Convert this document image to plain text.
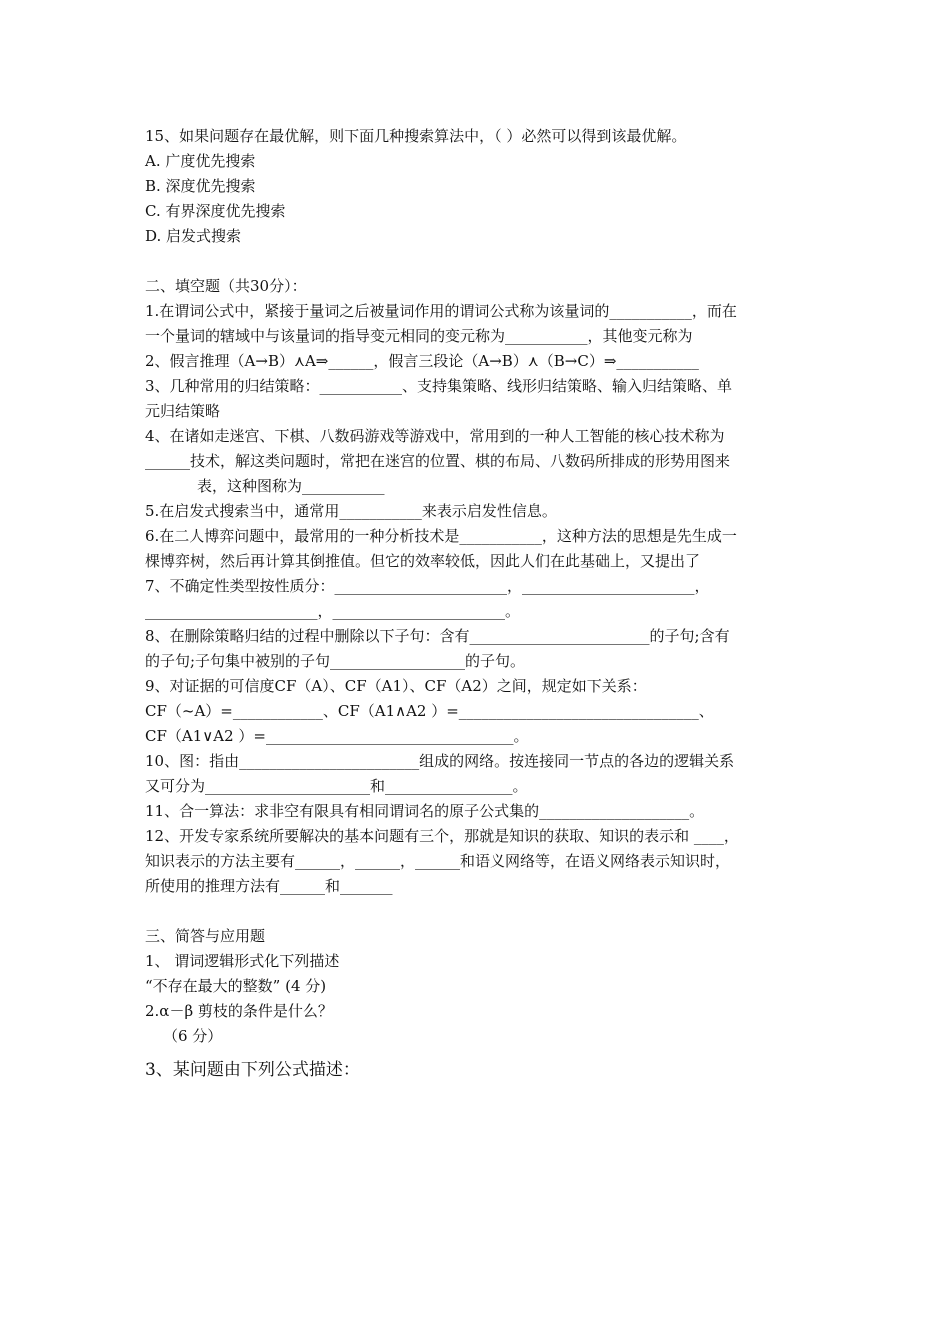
15、如果问题存在最优解，则下面几种搜索算法中，（ ）必然可以得到该最优解。
A. 广度优先搜索
B. 深度优先搜索
C. 有界深度优先搜索
D. 启发式搜索
二、填空题（共30分）：
1.在谓词公式中，紧接于量词之后被量词作用的谓词公式称为该量词的___________，而在
一个量词的辖域中与该量词的指导变元相同的变元称为___________，其他变元称为
2、假言推理（A→B）⋏A⇒______，假言三段论（A→B）⋏（B→C）⇒___________
3、几种常用的归结策略：___________、支持集策略、线形归结策略、输入归结策略、单
元归结策略
4、在诸如走迷宫、下棋、八数码游戏等游戏中，常用到的一种人工智能的核心技术称为
______技术，解这类问题时，常把在迷宫的位置、棋的布局、八数码所排成的形势用图来
表，这种图称为___________
5.在启发式搜索当中，通常用___________来表示启发性信息。
6.在二人博弈问题中，最常用的一种分析技术是___________，这种方法的思想是先生成一
棵博弈树，然后再计算其倒推值。但它的效率较低，因此人们在此基础上，又提出了
7、不确定性类型按性质分：_______________________，_______________________，
_______________________，_______________________。
8、在删除策略归结的过程中删除以下子句：含有________________________的子句;含有
的子句;子句集中被别的子句__________________的子句。
9、对证据的可信度CF（A）、CF（A1）、CF（A2）之间，规定如下关系：
CF（~A）=____________、CF（A1∧A2 ）=________________________________、
CF（A1∨A2 ）=_________________________________。
10、图：指由________________________组成的网络。按连接同一节点的各边的逻辑关系
又可分为______________________和_________________。
11、合一算法：求非空有限具有相同谓词名的原子公式集的____________________。
12、开发专家系统所要解决的基本问题有三个，那就是知识的获取、知识的表示和 ____，
知识表示的方法主要有______，______，______和语义网络等，在语义网络表示知识时，
所使用的推理方法有______和_______
三、简答与应用题
1、 谓词逻辑形式化下列描述
“不存在最大的整数” (4 分)
2.α－β 剪枝的条件是什么？
（6 分）
3、某问题由下列公式描述：
